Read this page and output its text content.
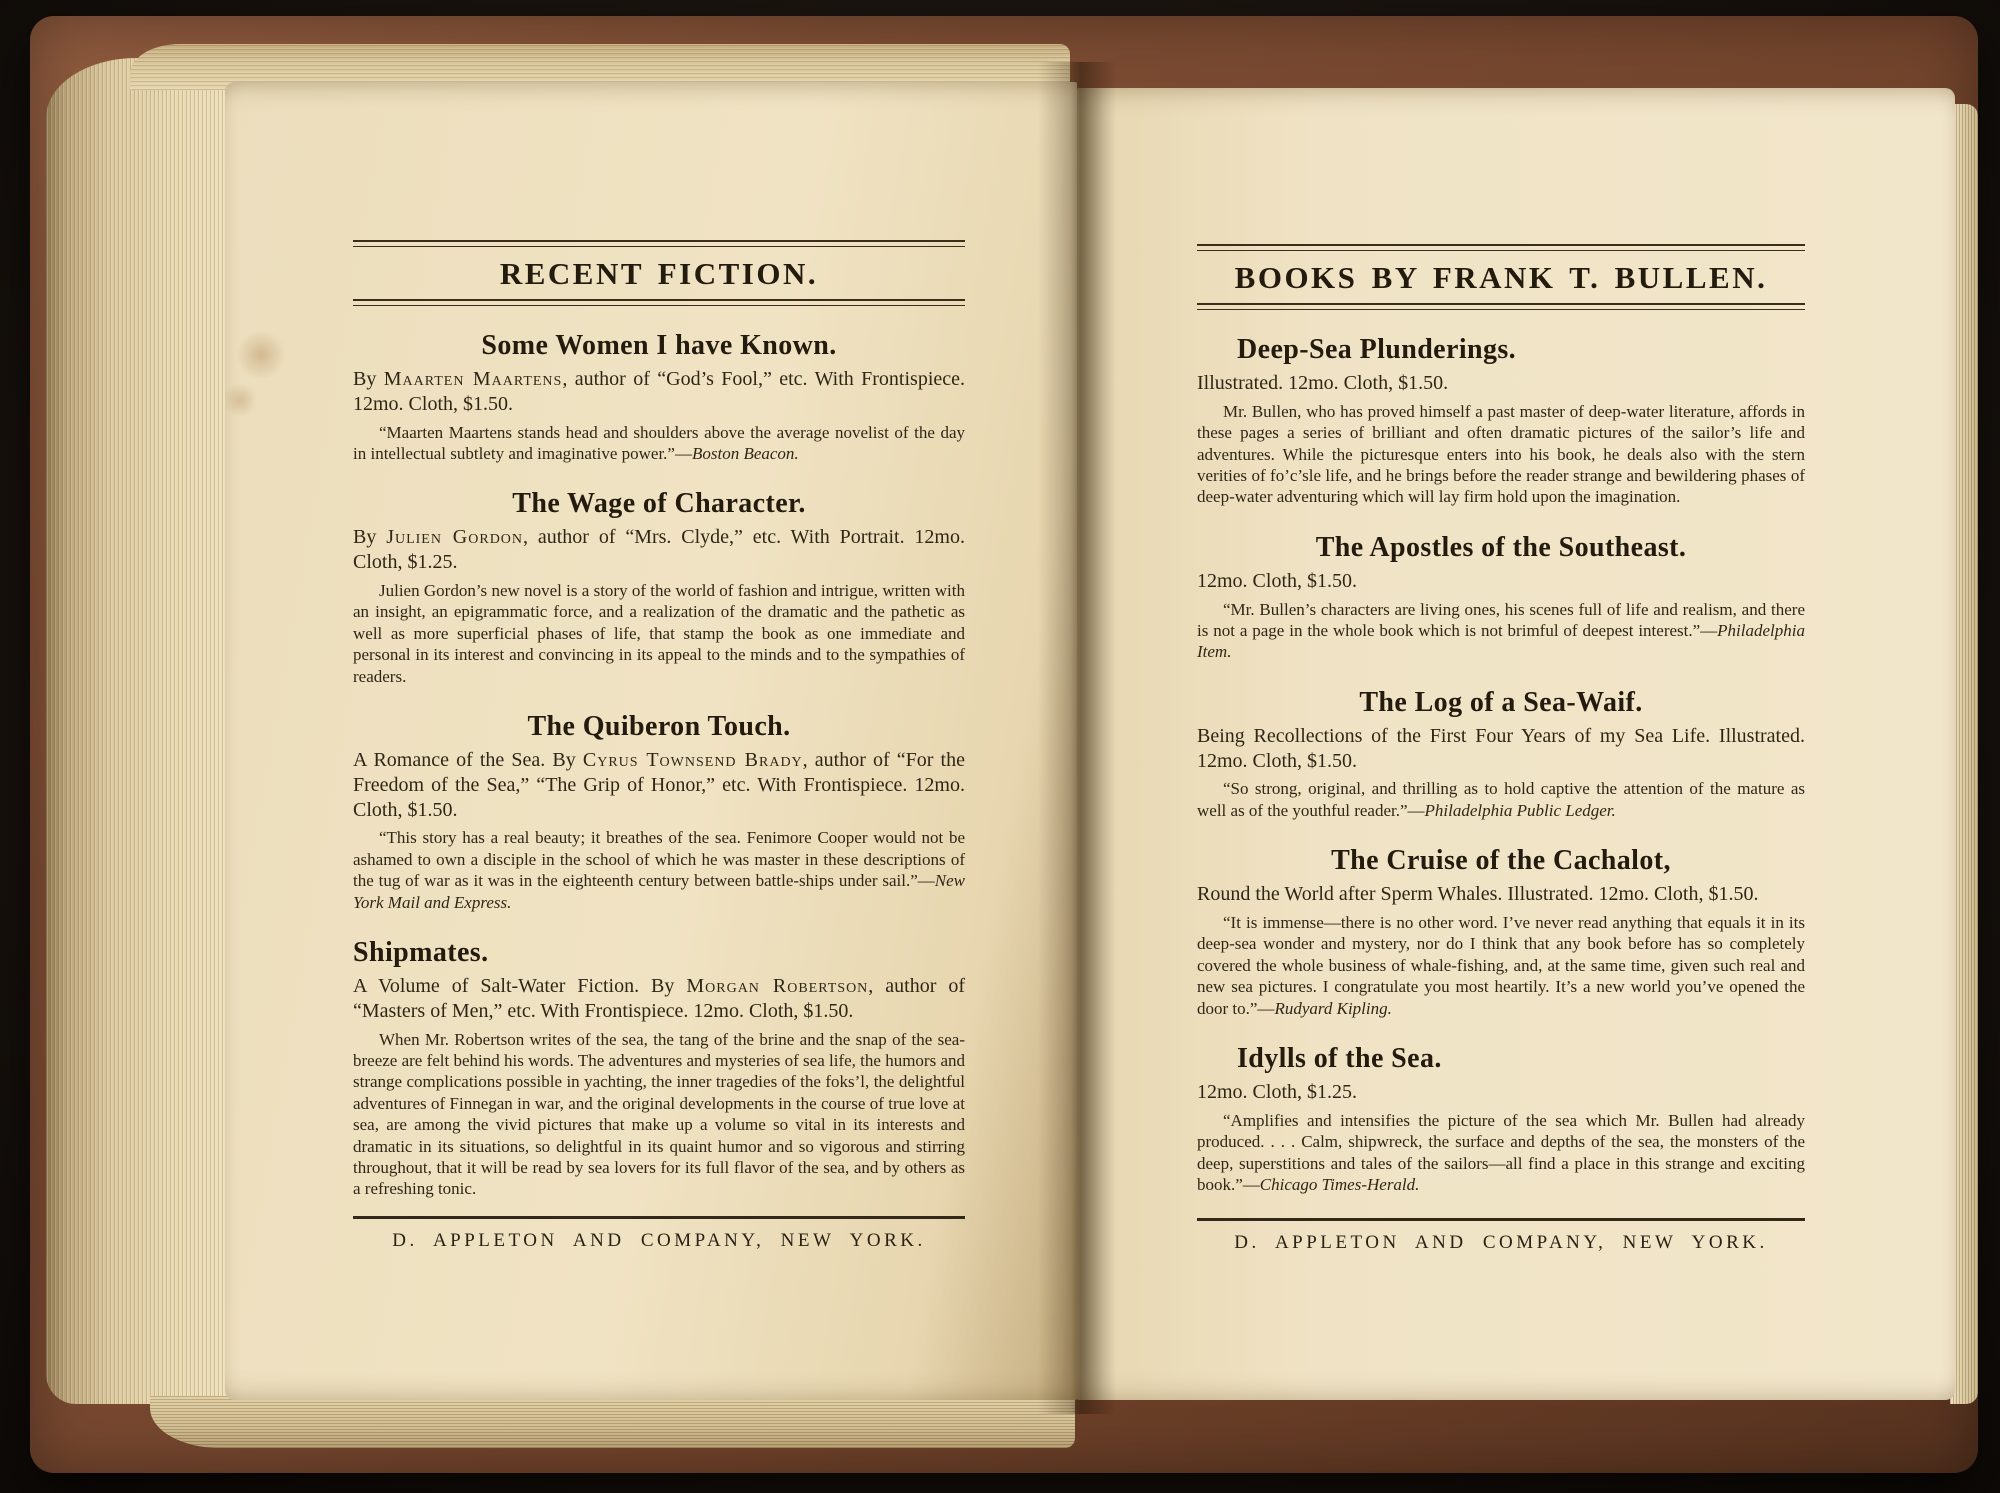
RECENT FICTION.
Some Women I have Known.

By Maarten Maartens, author of “God’s Fool,” etc. With Frontispiece. 12mo. Cloth, $1.50.

“Maarten Maartens stands head and shoulders above the average novelist of the day in intellectual subtlety and imaginative power.”—Boston Beacon.

The Wage of Character.

By Julien Gordon, author of “Mrs. Clyde,” etc. With Portrait. 12mo. Cloth, $1.25.

Julien Gordon’s new novel is a story of the world of fashion and intrigue, written with an insight, an epigrammatic force, and a realization of the dramatic and the pathetic as well as more superficial phases of life, that stamp the book as one immediate and personal in its interest and convincing in its appeal to the minds and to the sympathies of readers.

The Quiberon Touch.

A Romance of the Sea. By Cyrus Townsend Brady, author of “For the Freedom of the Sea,” “The Grip of Honor,” etc. With Frontispiece. 12mo. Cloth, $1.50.

“This story has a real beauty; it breathes of the sea. Fenimore Cooper would not be ashamed to own a disciple in the school of which he was master in these descriptions of the tug of war as it was in the eighteenth century between battle-ships under sail.”—New York Mail and Express.

Shipmates.

A Volume of Salt-Water Fiction. By Morgan Robertson, author of “Masters of Men,” etc. With Frontispiece. 12mo. Cloth, $1.50.

When Mr. Robertson writes of the sea, the tang of the brine and the snap of the sea-breeze are felt behind his words. The adventures and mysteries of sea life, the humors and strange complications possible in yachting, the inner tragedies of the foks’l, the delightful adventures of Finnegan in war, and the original developments in the course of true love at sea, are among the vivid pictures that make up a volume so vital in its interests and dramatic in its situations, so delightful in its quaint humor and so vigorous and stirring throughout, that it will be read by sea lovers for its full flavor of the sea, and by others as a refreshing tonic.

D. APPLETON AND COMPANY, NEW YORK.
BOOKS BY FRANK T. BULLEN.
Deep-Sea Plunderings.

Illustrated. 12mo. Cloth, $1.50.

Mr. Bullen, who has proved himself a past master of deep-water literature, affords in these pages a series of brilliant and often dramatic pictures of the sailor’s life and adventures. While the picturesque enters into his book, he deals also with the stern verities of fo’c’sle life, and he brings before the reader strange and bewildering phases of deep-water adventuring which will lay firm hold upon the imagination.

The Apostles of the Southeast.

12mo. Cloth, $1.50.

“Mr. Bullen’s characters are living ones, his scenes full of life and realism, and there is not a page in the whole book which is not brimful of deepest interest.”—Philadelphia Item.

The Log of a Sea-Waif.

Being Recollections of the First Four Years of my Sea Life. Illustrated. 12mo. Cloth, $1.50.

“So strong, original, and thrilling as to hold captive the attention of the mature as well as of the youthful reader.”—Philadelphia Public Ledger.

The Cruise of the Cachalot,

Round the World after Sperm Whales. Illustrated. 12mo. Cloth, $1.50.

“It is immense—there is no other word. I’ve never read anything that equals it in its deep-sea wonder and mystery, nor do I think that any book before has so completely covered the whole business of whale-fishing, and, at the same time, given such real and new sea pictures. I congratulate you most heartily. It’s a new world you’ve opened the door to.”—Rudyard Kipling.

Idylls of the Sea.

12mo. Cloth, $1.25.

“Amplifies and intensifies the picture of the sea which Mr. Bullen had already produced. . . . Calm, shipwreck, the surface and depths of the sea, the monsters of the deep, superstitions and tales of the sailors—all find a place in this strange and exciting book.”—Chicago Times-Herald.

D. APPLETON AND COMPANY, NEW YORK.
